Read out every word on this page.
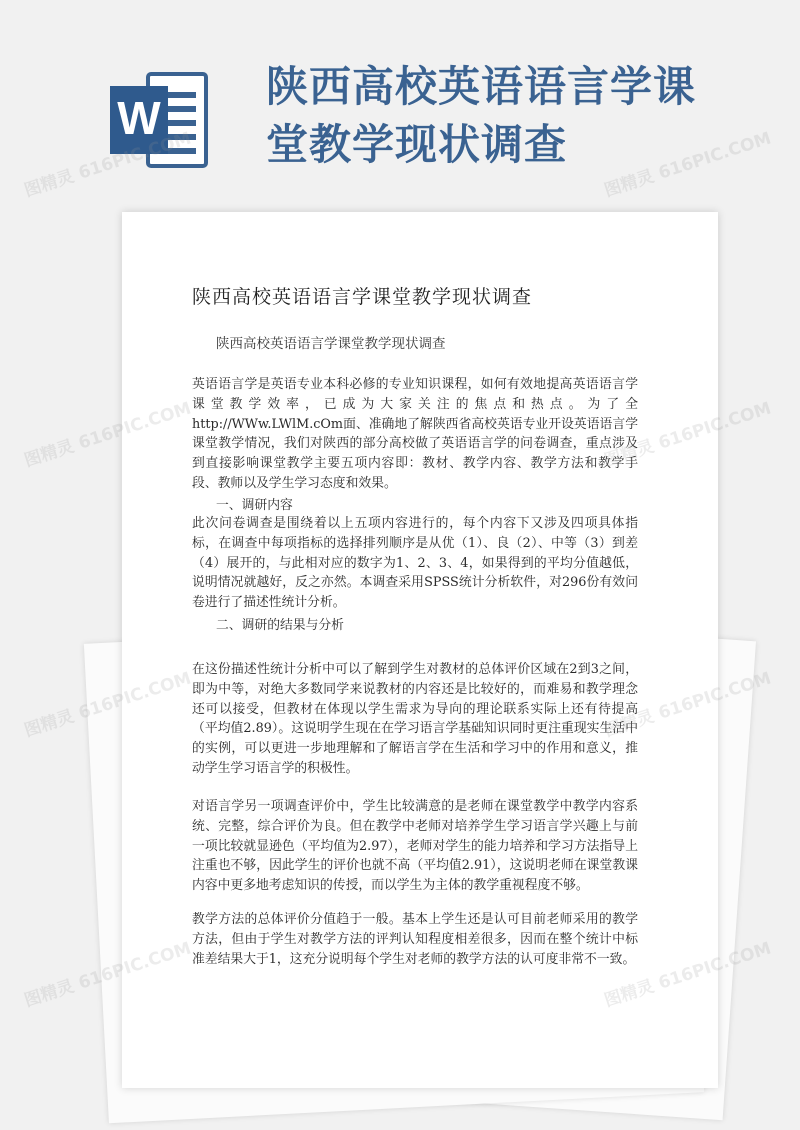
W
陕西高校英语语言学课堂教学现状调查
陕西高校英语语言学课堂教学现状调查

陕西高校英语语言学课堂教学现状调查

英语语言学是英语专业本科必修的专业知识课程，如何有效地提高英语语言学课堂教学效率，已成为大家关注的焦点和热点。为了全http://WWw.LWlM.cOm面、准确地了解陕西省高校英语专业开设英语语言学课堂教学情况，我们对陕西的部分高校做了英语语言学的问卷调查，重点涉及到直接影响课堂教学主要五项内容即：教材、教学内容、教学方法和教学手段、教师以及学生学习态度和效果。

一、调研内容

此次问卷调查是围绕着以上五项内容进行的，每个内容下又涉及四项具体指标，在调查中每项指标的选择排列顺序是从优（1）、良（2）、中等（3）到差（4）展开的，与此相对应的数字为1、2、3、4，如果得到的平均分值越低，说明情况就越好，反之亦然。本调查采用SPSS统计分析软件，对296份有效问卷进行了描述性统计分析。

二、调研的结果与分析

在这份描述性统计分析中可以了解到学生对教材的总体评价区域在2到3之间，即为中等，对绝大多数同学来说教材的内容还是比较好的，而难易和教学理念还可以接受，但教材在体现以学生需求为导向的理论联系实际上还有待提高（平均值2.89）。这说明学生现在在学习语言学基础知识同时更注重现实生活中的实例，可以更进一步地理解和了解语言学在生活和学习中的作用和意义，推动学生学习语言学的积极性。

对语言学另一项调查评价中，学生比较满意的是老师在课堂教学中教学内容系统、完整，综合评价为良。但在教学中老师对培养学生学习语言学兴趣上与前一项比较就显逊色（平均值为2.97），老师对学生的能力培养和学习方法指导上注重也不够，因此学生的评价也就不高（平均值2.91），这说明老师在课堂教课内容中更多地考虑知识的传授，而以学生为主体的教学重视程度不够。

教学方法的总体评价分值趋于一般。基本上学生还是认可目前老师采用的教学方法，但由于学生对教学方法的评判认知程度相差很多，因而在整个统计中标准差结果大于1，这充分说明每个学生对老师的教学方法的认可度非常不一致。

图精灵 616PIC.COM	图精灵 616PIC.COM
图精灵 616PIC.COM
图精灵
图精灵
